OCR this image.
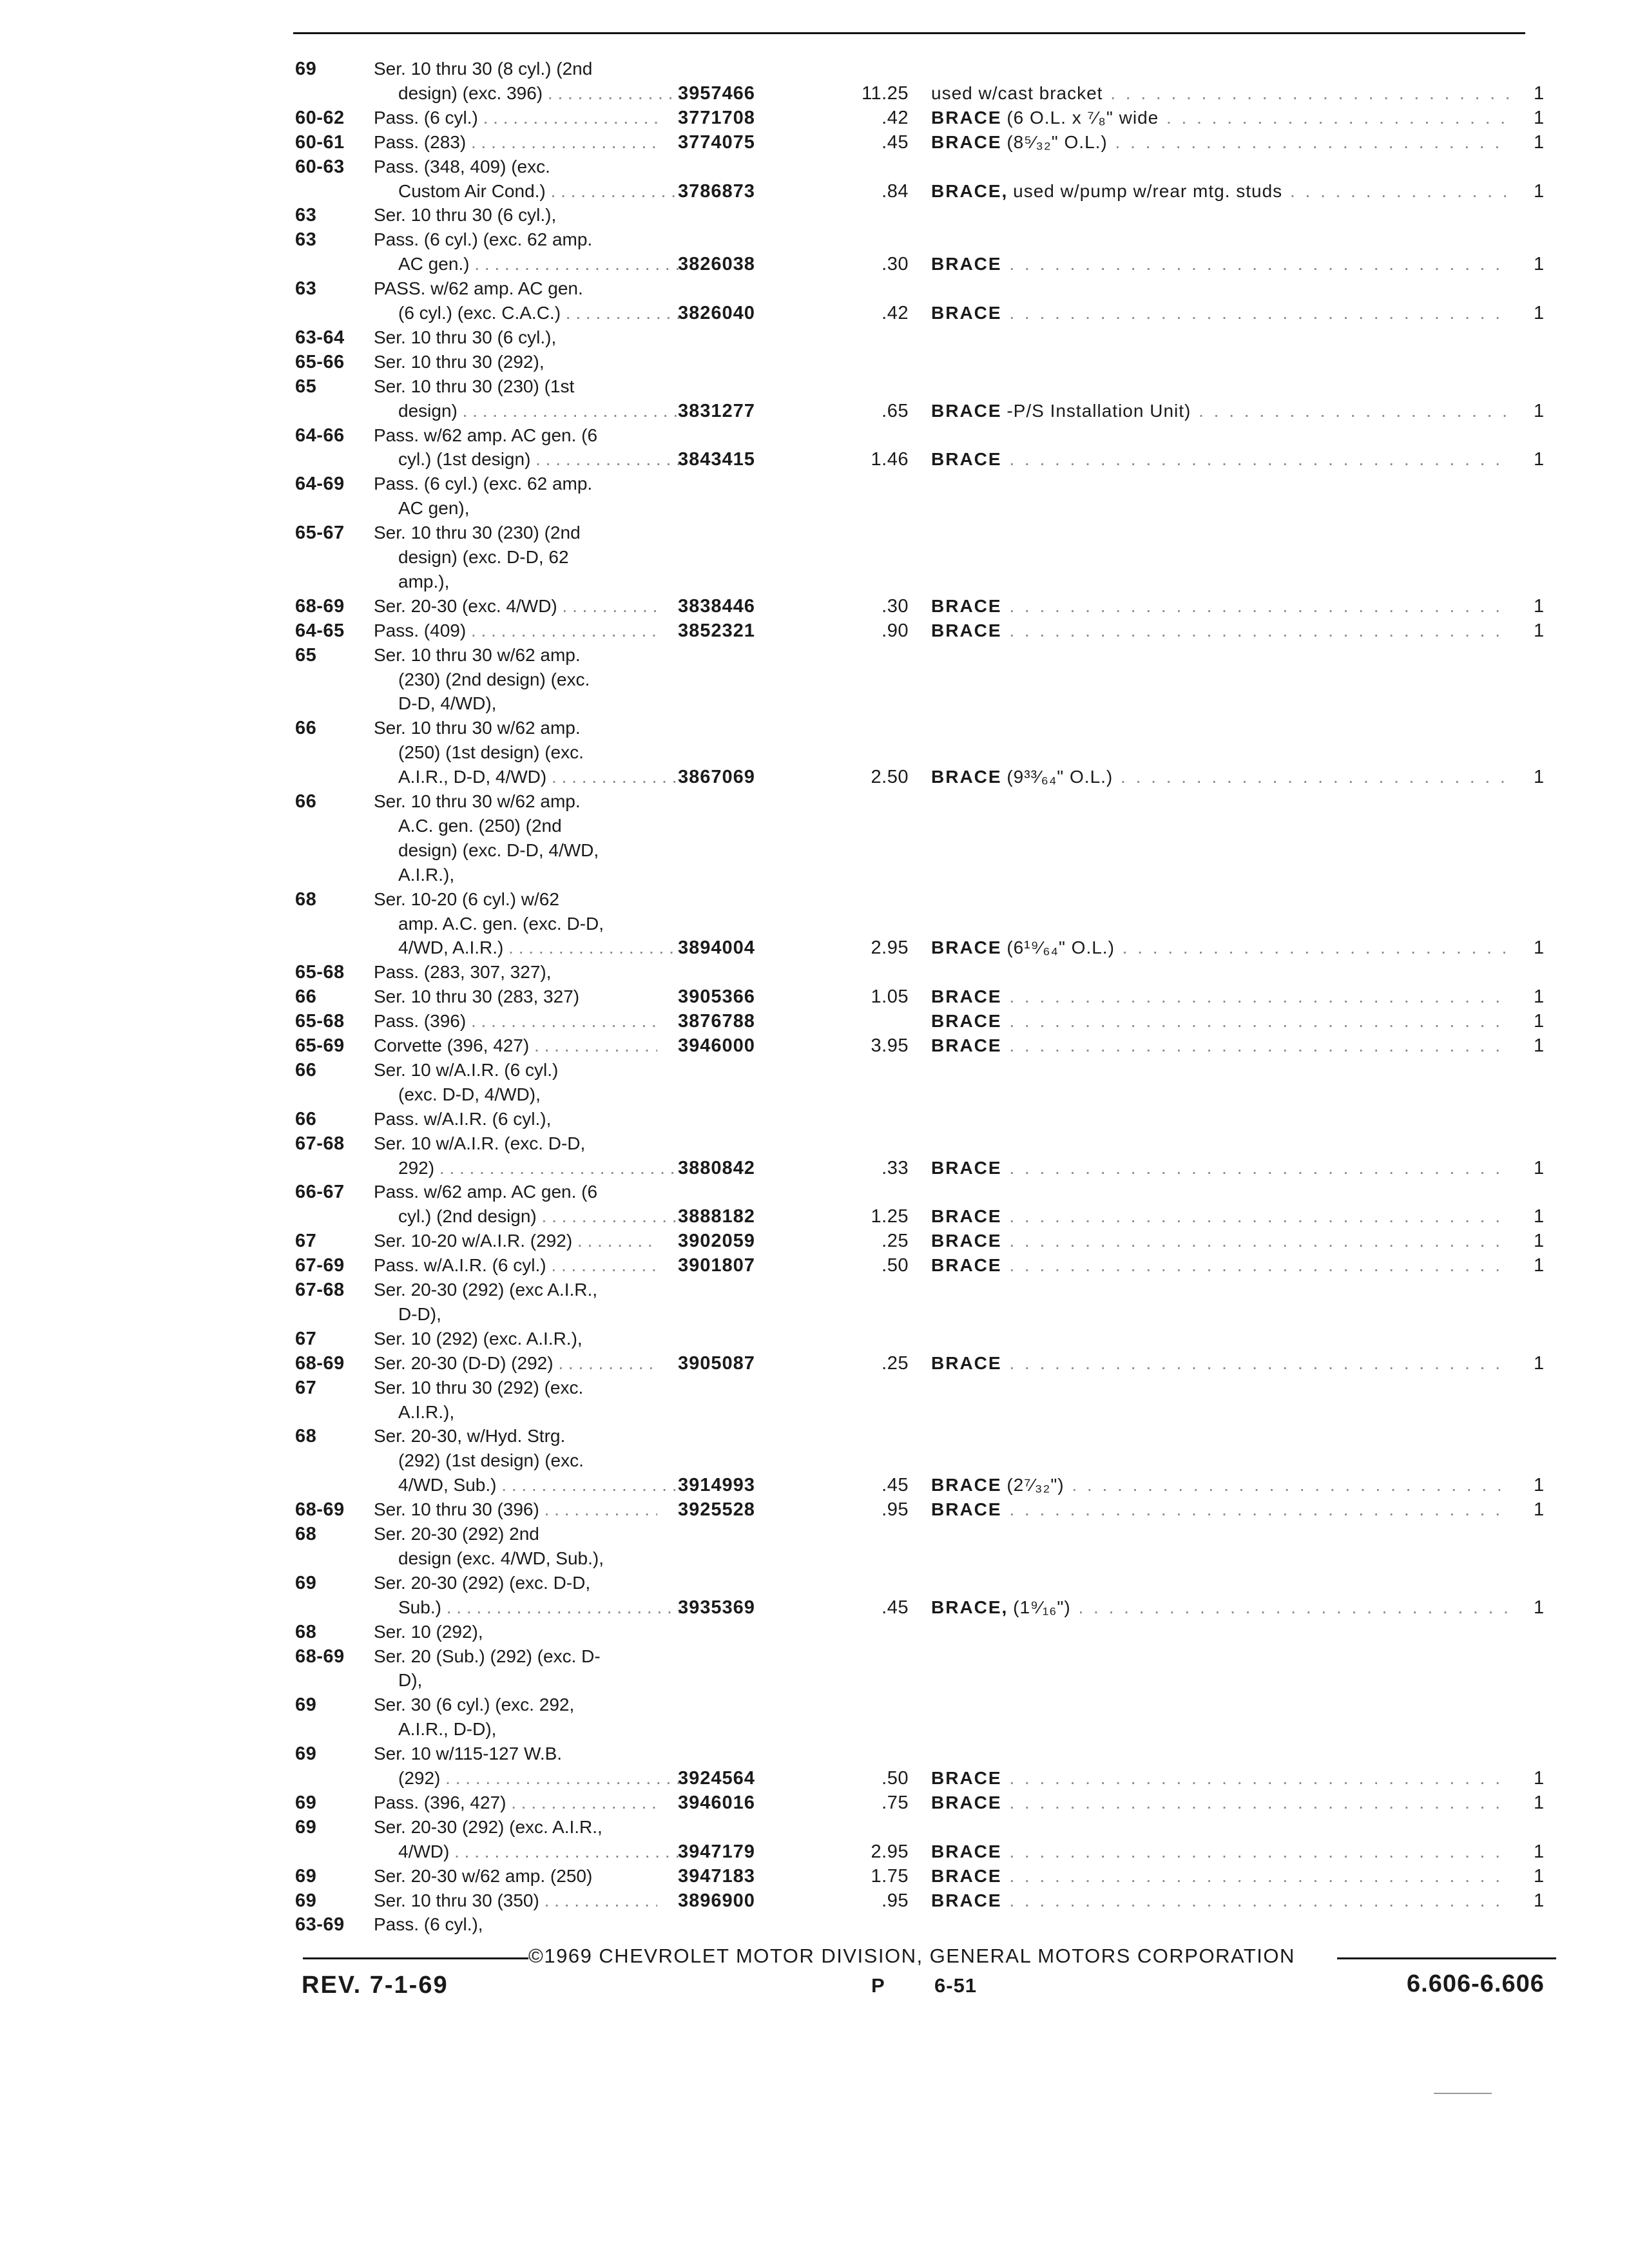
69	Ser. 10 thru 30 (8 cyl.) (2nd
design) (exc. 396) . . .	3957466	11.25 used w/cast bracket . . .	1
60-62 Pass. (6 cyl.) . . .	3771708	.42 BRACE (6 O.L. x ⁷⁄₈" wide . . .	1
60-61 Pass. (283) . . .	3774075	.45 BRACE (8⁵⁄₃₂" O.L.) . . .	1
60-63 Pass. (348, 409) (exc.
Custom Air Cond.) . . .	3786873	.84 BRACE, used w/pump w/rear mtg. studs . . .	1
63	Ser. 10 thru 30 (6 cyl.),
63	Pass. (6 cyl.) (exc. 62 amp.
AC gen.) . . .	3826038	.30 BRACE . . .	1
63	PASS. w/62 amp. AC gen.
(6 cyl.) (exc. C.A.C.) . . .	3826040	.42 BRACE . . .	1
63-64 Ser. 10 thru 30 (6 cyl.),
65-66 Ser. 10 thru 30 (292),
65	Ser. 10 thru 30 (230) (1st
design) . . .	3831277	.65 BRACE -P/S Installation Unit) . . .	1
64-66 Pass. w/62 amp. AC gen. (6
cyl.) (1st design) . . .	3843415	1.46 BRACE . . .	1
64-69 Pass. (6 cyl.) (exc. 62 amp.
AC gen),
65-67 Ser. 10 thru 30 (230) (2nd
design) (exc. D-D, 62
amp.),
68-69 Ser. 20-30 (exc. 4/WD) . . .	3838446	.30 BRACE . . .	1
64-65 Pass. (409) . . .	3852321	.90 BRACE . . .	1
65	Ser. 10 thru 30 w/62 amp.
(230) (2nd design) (exc.
D-D, 4/WD),
66	Ser. 10 thru 30 w/62 amp.
(250) (1st design) (exc.
A.I.R., D-D, 4/WD) . . .	3867069	2.50 BRACE (9³³⁄₆₄" O.L.) . . .	1
66	Ser. 10 thru 30 w/62 amp.
A.C. gen. (250) (2nd
design) (exc. D-D, 4/WD,
A.I.R.),
68	Ser. 10-20 (6 cyl.) w/62
amp. A.C. gen. (exc. D-D,
4/WD, A.I.R.) . . .	3894004	2.95 BRACE (6¹⁹⁄₆₄" O.L.) . . .	1
65-68 Pass. (283, 307, 327),
66	Ser. 10 thru 30 (283, 327)	3905366	1.05 BRACE . . .	1
65-68 Pass. (396) . . .	3876788	BRACE . . .	1
65-69 Corvette (396, 427) . . .	3946000	3.95 BRACE . . .	1
66	Ser. 10 w/A.I.R. (6 cyl.)
(exc. D-D, 4/WD),
66	Pass. w/A.I.R. (6 cyl.),
67-68 Ser. 10 w/A.I.R. (exc. D-D,
292) . . .	3880842	.33 BRACE . . .	1
66-67 Pass. w/62 amp. AC gen. (6
cyl.) (2nd design) . . .	3888182	1.25 BRACE . . .	1
67	Ser. 10-20 w/A.I.R. (292) . . .	3902059	.25 BRACE . . .	1
67-69 Pass. w/A.I.R. (6 cyl.) . . .	3901807	.50 BRACE . . .	1
67-68 Ser. 20-30 (292) (exc A.I.R.,
D-D),
67	Ser. 10 (292) (exc. A.I.R.),
68-69 Ser. 20-30 (D-D) (292) . . .	3905087	.25 BRACE . . .	1
67	Ser. 10 thru 30 (292) (exc.
A.I.R.),
68	Ser. 20-30, w/Hyd. Strg.
(292) (1st design) (exc.
4/WD, Sub.) . . .	3914993	.45 BRACE (2⁷⁄₃₂") . . .	1
68-69 Ser. 10 thru 30 (396) . . .	3925528	.95 BRACE . . .	1
68	Ser. 20-30 (292) 2nd
design (exc. 4/WD, Sub.),
69	Ser. 20-30 (292) (exc. D-D,
Sub.) . . .	3935369	.45 BRACE, (1⁹⁄₁₆") . . .	1
68	Ser. 10 (292),
68-69 Ser. 20 (Sub.) (292) (exc. D-
D),
69	Ser. 30 (6 cyl.) (exc. 292,
A.I.R., D-D),
69	Ser. 10 w/115-127 W.B.
(292) . . .	3924564	.50 BRACE . . .	1
69	Pass. (396, 427) . . .	3946016	.75 BRACE . . .	1
69	Ser. 20-30 (292) (exc. A.I.R.,
4/WD) . . .	3947179	2.95 BRACE . . .	1
69	Ser. 20-30 w/62 amp. (250)	3947183	1.75 BRACE . . .	1
69	Ser. 10 thru 30 (350) . . .	3896900	.95 BRACE . . .	1
63-69 Pass. (6 cyl.),
©1969 CHEVROLET MOTOR DIVISION, GENERAL MOTORS CORPORATION
REV. 7-1-69	P 6-51	6.606-6.606
